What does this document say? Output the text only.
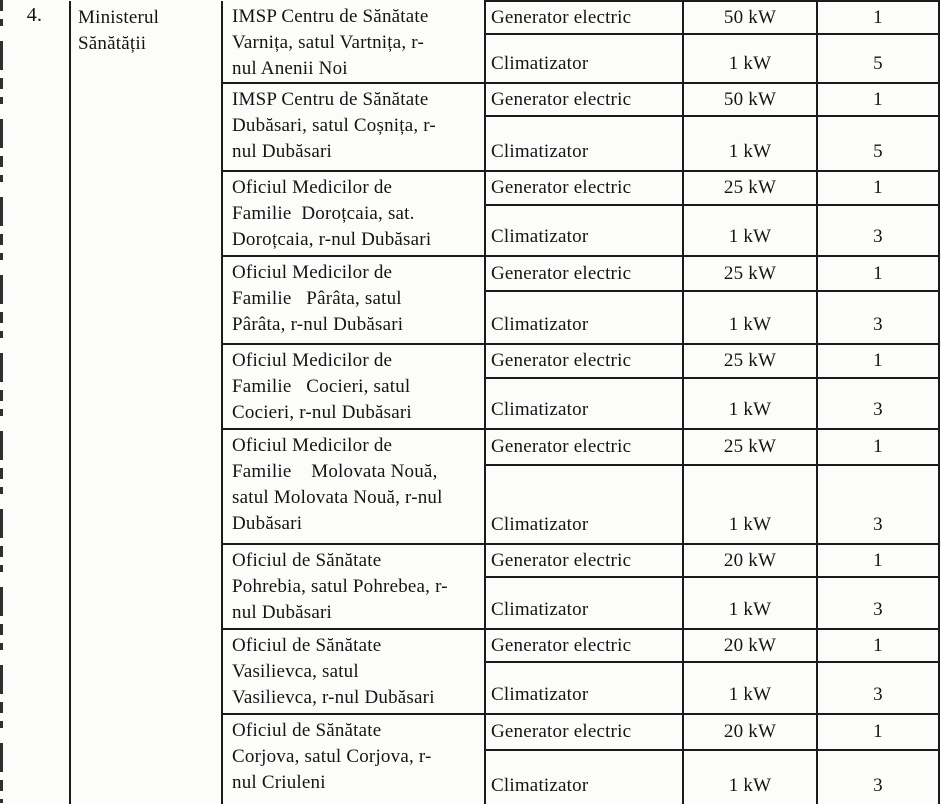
4.	Ministerul
Sănătății	IMSP Centru de Sănătate
Varnița, satul Vartnița, r-
nul Anenii Noi	Generator electric	50 kW	1
			Climatizator	1 kW	5
		IMSP Centru de Sănătate
Dubăsari, satul Coșnița, r-
nul Dubăsari	Generator electric	50 kW	1
			Climatizator	1 kW	5
		Oficiul Medicilor de
Familie  Doroțcaia, sat.
Doroțcaia, r-nul Dubăsari	Generator electric	25 kW	1
			Climatizator	1 kW	3
		Oficiul Medicilor de
Familie   Pârâta, satul
Pârâta, r-nul Dubăsari	Generator electric	25 kW	1
			Climatizator	1 kW	3
		Oficiul Medicilor de
Familie   Cocieri, satul
Cocieri, r-nul Dubăsari	Generator electric	25 kW	1
			Climatizator	1 kW	3
		Oficiul Medicilor de
Familie    Molovata Nouă,
satul Molovata Nouă, r-nul
Dubăsari	Generator electric	25 kW	1
			Climatizator	1 kW	3
		Oficiul de Sănătate
Pohrebia, satul Pohrebea, r-
nul Dubăsari	Generator electric	20 kW	1
			Climatizator	1 kW	3
		Oficiul de Sănătate
Vasilievca, satul
Vasilievca, r-nul Dubăsari	Generator electric	20 kW	1
			Climatizator	1 kW	3
		Oficiul de Sănătate
Corjova, satul Corjova, r-
nul Criuleni	Generator electric	20 kW	1
			Climatizator	1 kW	3
